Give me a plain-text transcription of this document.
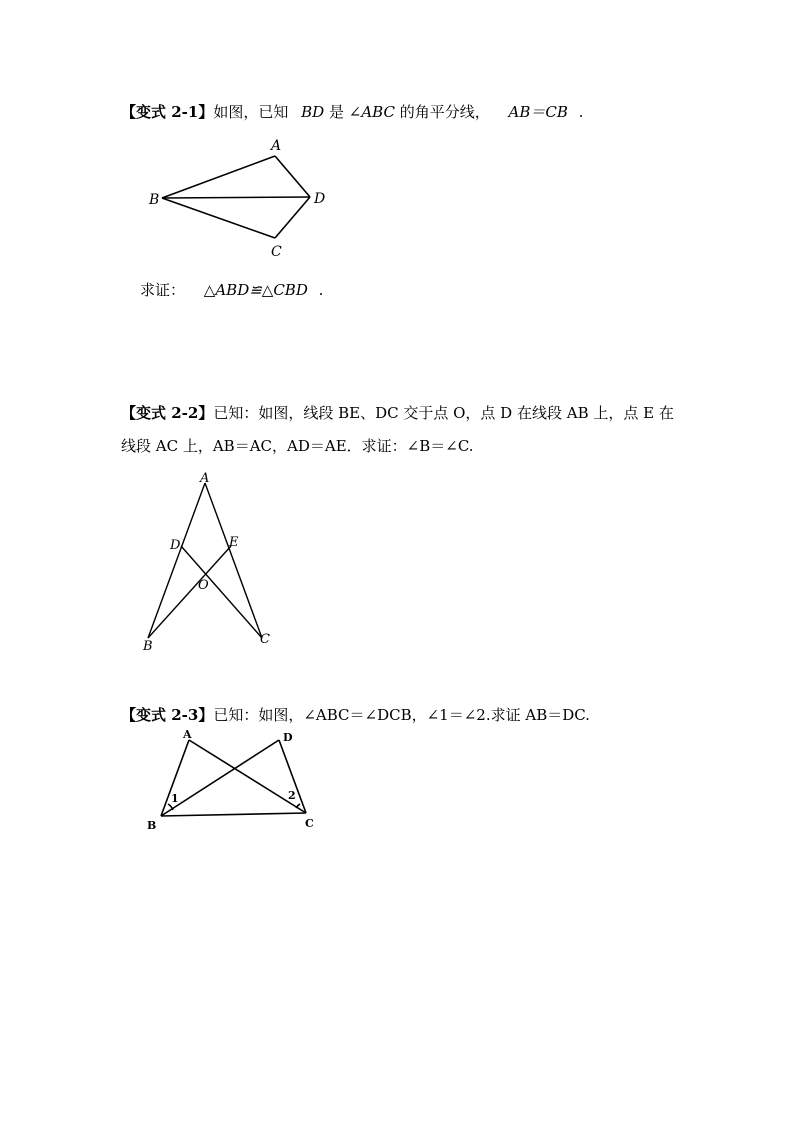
【变式 2-1】如图，已知 BD 是 ∠ABC 的角平分线， AB＝CB .
A
B
C
D
求证： △ABD≌△CBD .
【变式 2-2】已知：如图，线段 BE、DC 交于点 O，点 D 在线段 AB 上，点 E 在
线段 AC 上，AB＝AC，AD＝AE．求证：∠B＝∠C.
A
D	E
O
B	C
【变式 2-3】已知：如图，∠ABC＝∠DCB，∠1＝∠2.求证 AB＝DC.
A	D
B	C
1	2
